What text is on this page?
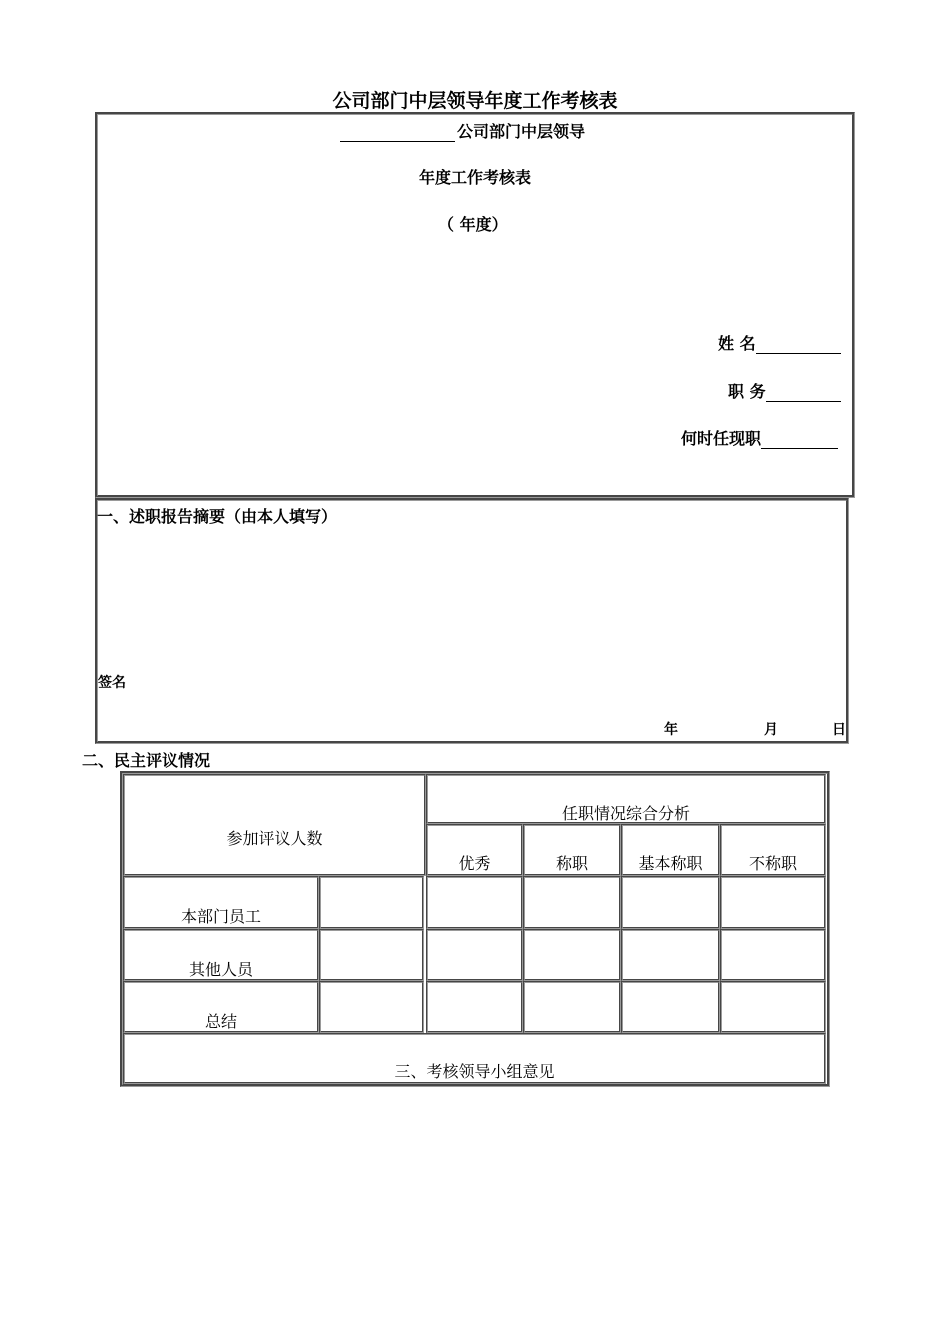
公司部门中层领导年度工作考核表
公司部门中层领导
年度工作考核表
（ 年度）
姓 名
职 务
何时任现职
一、述职报告摘要（由本人填写）
签名
年	月	日
二、民主评议情况
参加评议人数
任职情况综合分析
优秀	称职	基本称职	不称职
本部门员工
其他人员
总结
三、考核领导小组意见
